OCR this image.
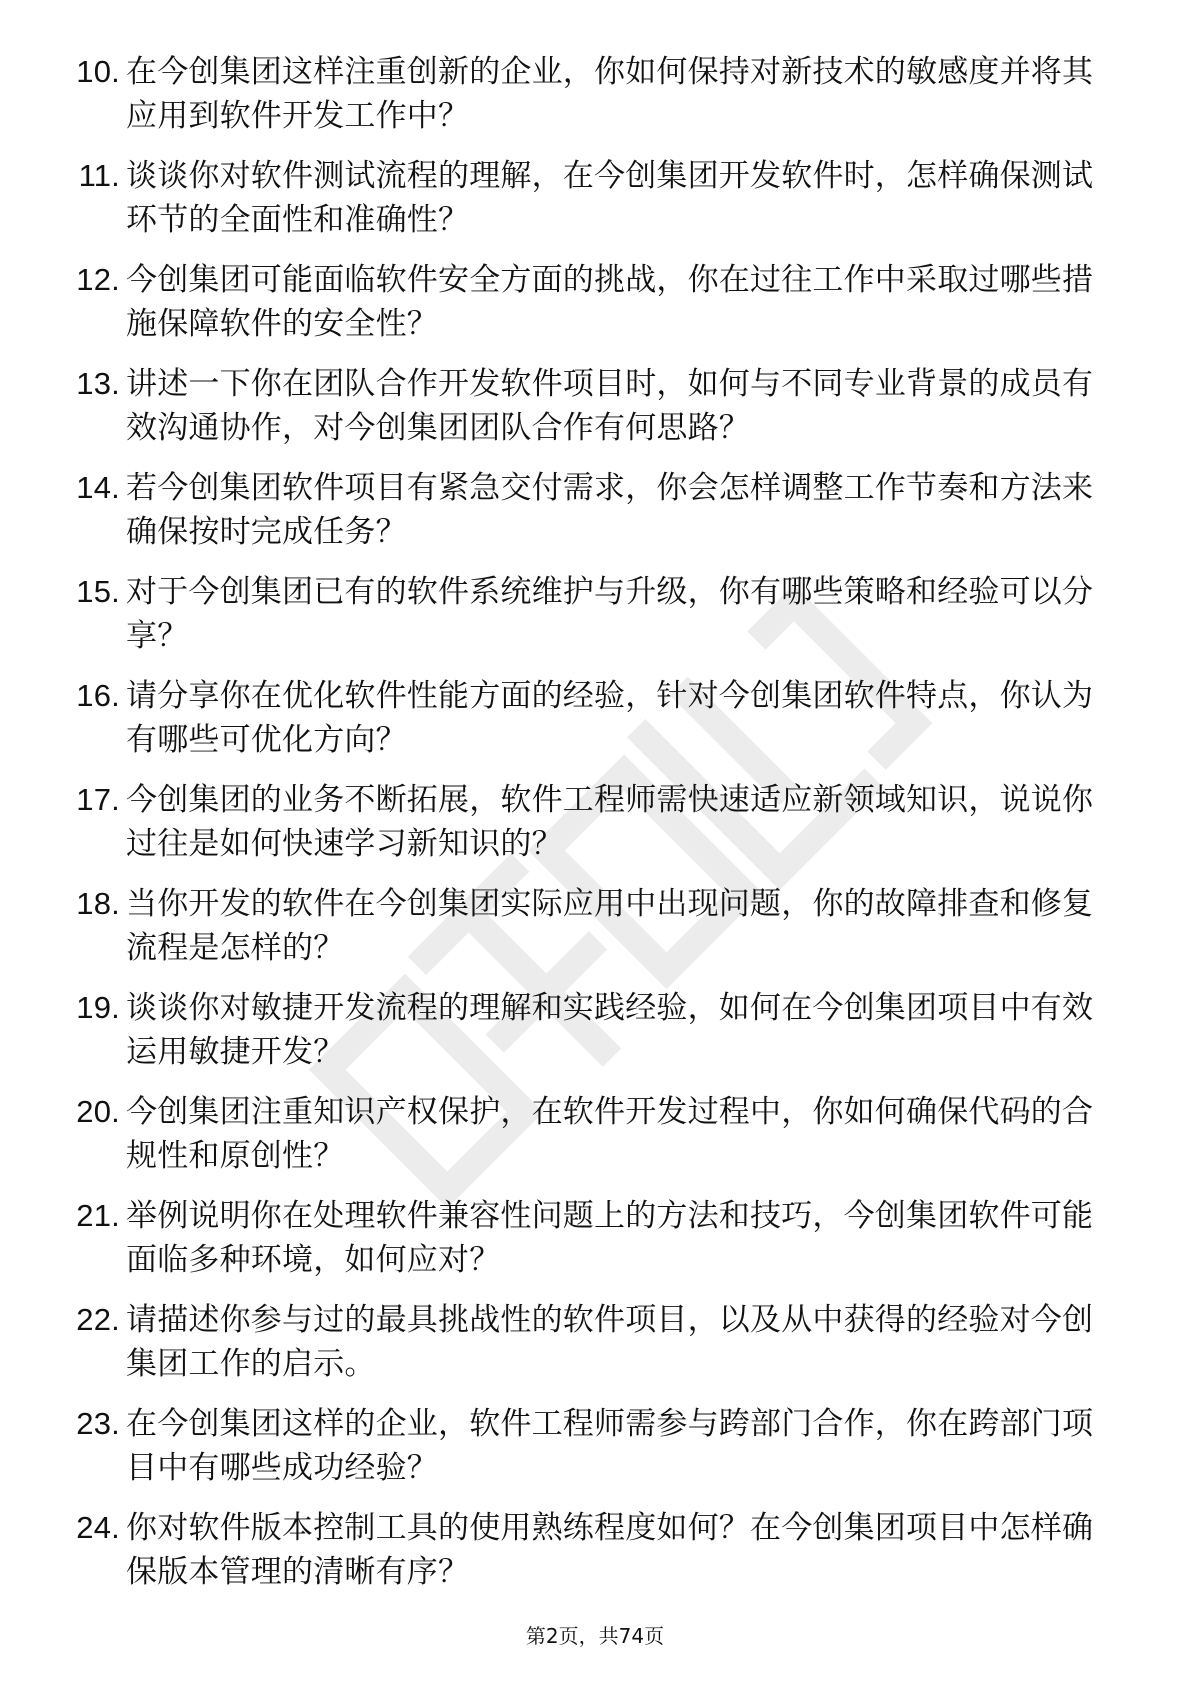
10. 在今创集团这样注重创新的企业，你如何保持对新技术的敏感度并将其应用到软件开发工作中？
11. 谈谈你对软件测试流程的理解，在今创集团开发软件时，怎样确保测试环节的全面性和准确性？
12. 今创集团可能面临软件安全方面的挑战，你在过往工作中采取过哪些措施保障软件的安全性？
13. 讲述一下你在团队合作开发软件项目时，如何与不同专业背景的成员有效沟通协作，对今创集团团队合作有何思路？
14. 若今创集团软件项目有紧急交付需求，你会怎样调整工作节奏和方法来确保按时完成任务？
15. 对于今创集团已有的软件系统维护与升级，你有哪些策略和经验可以分享？
16. 请分享你在优化软件性能方面的经验，针对今创集团软件特点，你认为有哪些可优化方向？
17. 今创集团的业务不断拓展，软件工程师需快速适应新领域知识，说说你过往是如何快速学习新知识的？
18. 当你开发的软件在今创集团实际应用中出现问题，你的故障排查和修复流程是怎样的？
19. 谈谈你对敏捷开发流程的理解和实践经验，如何在今创集团项目中有效运用敏捷开发？
20. 今创集团注重知识产权保护，在软件开发过程中，你如何确保代码的合规性和原创性？
21. 举例说明你在处理软件兼容性问题上的方法和技巧，今创集团软件可能面临多种环境，如何应对？
22. 请描述你参与过的最具挑战性的软件项目，以及从中获得的经验对今创集团工作的启示。
23. 在今创集团这样的企业，软件工程师需参与跨部门合作，你在跨部门项目中有哪些成功经验？
24. 你对软件版本控制工具的使用熟练程度如何？在今创集团项目中怎样确保版本管理的清晰有序？
第2页，共74页
